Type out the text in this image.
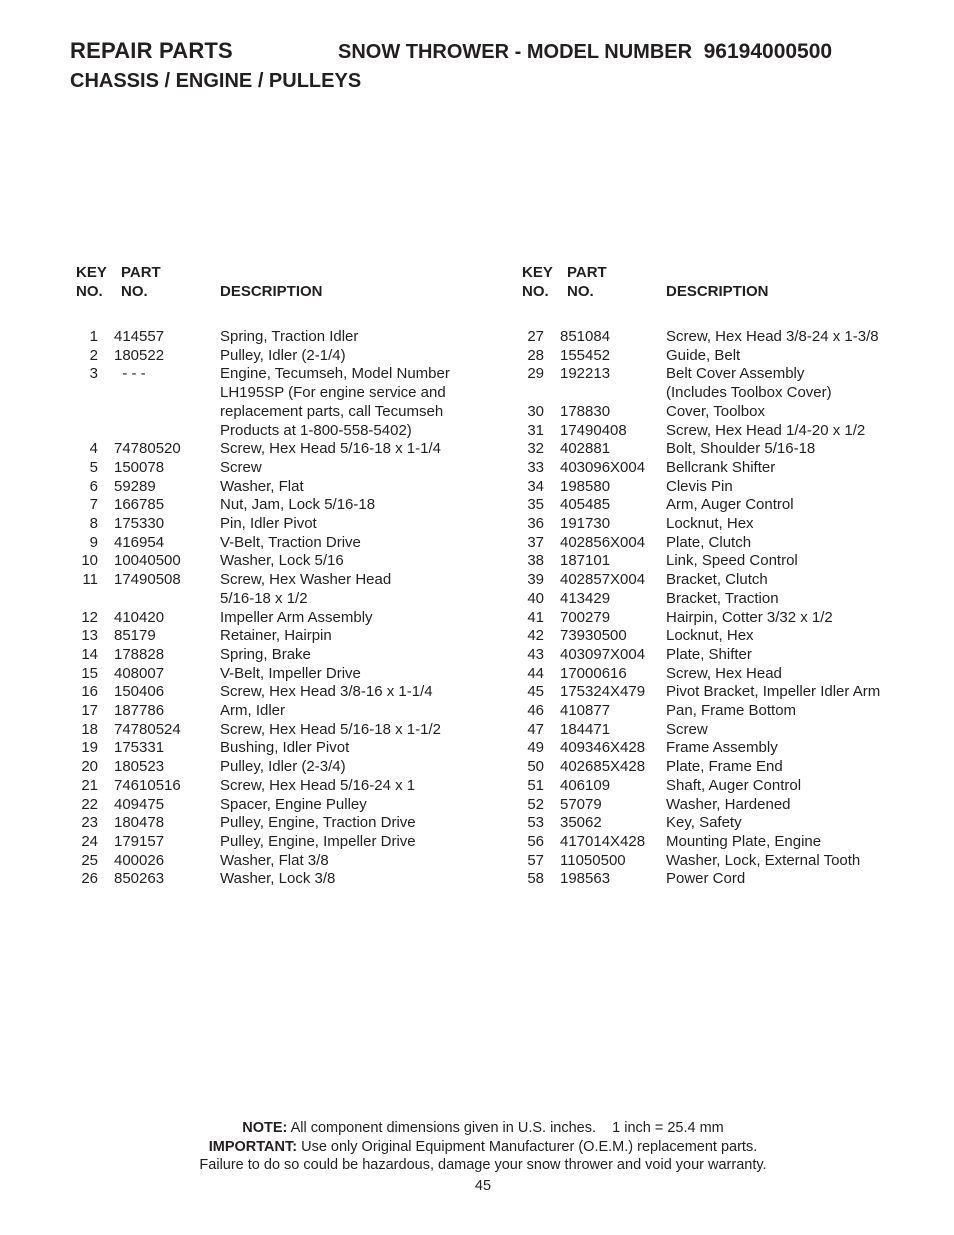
REPAIR PARTS	SNOW THROWER - MODEL NUMBER 96194000500
CHASSIS / ENGINE / PULLEYS
KEY
NO.
PART
NO.	DESCRIPTION
1 414557	Spring, Traction Idler
2 180522	Pulley, Idler (2-1/4)
3 - - -	Engine, Tecumseh, Model Number
LH195SP (For engine service and
replacement parts, call Tecumseh
Products at 1-800-558-5402)
4 74780520	Screw, Hex Head 5/16-18 x 1-1/4
5 150078	Screw
6 59289	Washer, Flat
7 166785	Nut, Jam, Lock 5/16-18
8 175330	Pin, Idler Pivot
9 416954	V-Belt, Traction Drive
10 10040500	Washer, Lock 5/16
11 17490508	Screw, Hex Washer Head
5/16-18 x 1/2
12 410420	Impeller Arm Assembly
13 85179	Retainer, Hairpin
14 178828	Spring, Brake
15 408007	V-Belt, Impeller Drive
16 150406	Screw, Hex Head 3/8-16 x 1-1/4
17 187786	Arm, Idler
18 74780524	Screw, Hex Head 5/16-18 x 1-1/2
19 175331	Bushing, Idler Pivot
20 180523	Pulley, Idler (2-3/4)
21 74610516	Screw, Hex Head 5/16-24 x 1
22 409475	Spacer, Engine Pulley
23 180478	Pulley, Engine, Traction Drive
24 179157	Pulley, Engine, Impeller Drive
25 400026	Washer, Flat 3/8
26 850263	Washer, Lock 3/8
KEY
NO.
PART
NO.	DESCRIPTION
27 851084	Screw, Hex Head 3/8-24 x 1-3/8
28 155452	Guide, Belt
29 192213	Belt Cover Assembly
(Includes Toolbox Cover)
30 178830	Cover, Toolbox
31 17490408	Screw, Hex Head 1/4-20 x 1/2
32 402881	Bolt, Shoulder 5/16-18
33 403096X004 Bellcrank Shifter
34 198580	Clevis Pin
35 405485	Arm, Auger Control
36 191730	Locknut, Hex
37 402856X004 Plate, Clutch
38 187101	Link, Speed Control
39 402857X004 Bracket, Clutch
40 413429	Bracket, Traction
41 700279	Hairpin, Cotter 3/32 x 1/2
42 73930500	Locknut, Hex
43 403097X004 Plate, Shifter
44 17000616	Screw, Hex Head
45 175324X479 Pivot Bracket, Impeller Idler Arm
46 410877	Pan, Frame Bottom
47 184471	Screw
49 409346X428 Frame Assembly
50 402685X428 Plate, Frame End
51 406109	Shaft, Auger Control
52 57079	Washer, Hardened
53 35062	Key, Safety
56 417014X428 Mounting Plate, Engine
57 11050500	Washer, Lock, External Tooth
58 198563	Power Cord
NOTE: All component dimensions given in U.S. inches.    1 inch = 25.4 mm
IMPORTANT: Use only Original Equipment Manufacturer (O.E.M.) replacement parts.
Failure to do so could be hazardous, damage your snow thrower and void your warranty.
45
